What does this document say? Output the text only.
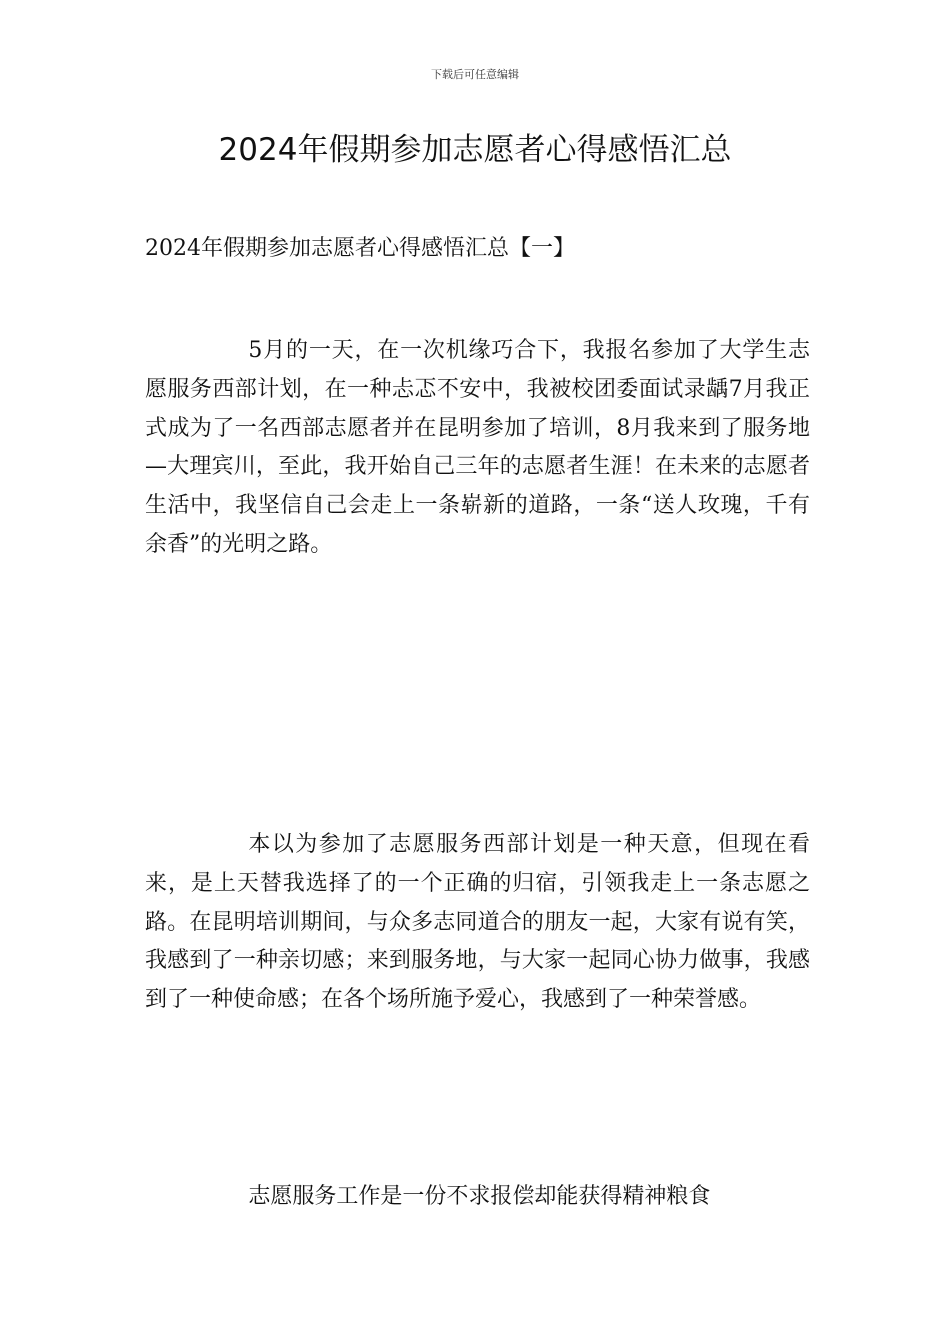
下载后可任意编辑
2024年假期参加志愿者心得感悟汇总
2024年假期参加志愿者心得感悟汇总【一】

5月的一天，在一次机缘巧合下，我报名参加了大学生志愿服务西部计划，在一种忐忑不安中，我被校团委面试录龋7月我正式成为了一名西部志愿者并在昆明参加了培训，8月我来到了服务地—大理宾川，至此，我开始自己三年的志愿者生涯！在未来的志愿者生活中，我坚信自己会走上一条崭新的道路，一条“送人玫瑰，千有余香”的光明之路。

本以为参加了志愿服务西部计划是一种天意，但现在看来，是上天替我选择了的一个正确的归宿，引领我走上一条志愿之路。在昆明培训期间，与众多志同道合的朋友一起，大家有说有笑，我感到了一种亲切感；来到服务地，与大家一起同心协力做事，我感到了一种使命感；在各个场所施予爱心，我感到了一种荣誉感。

志愿服务工作是一份不求报偿却能获得精神粮食
